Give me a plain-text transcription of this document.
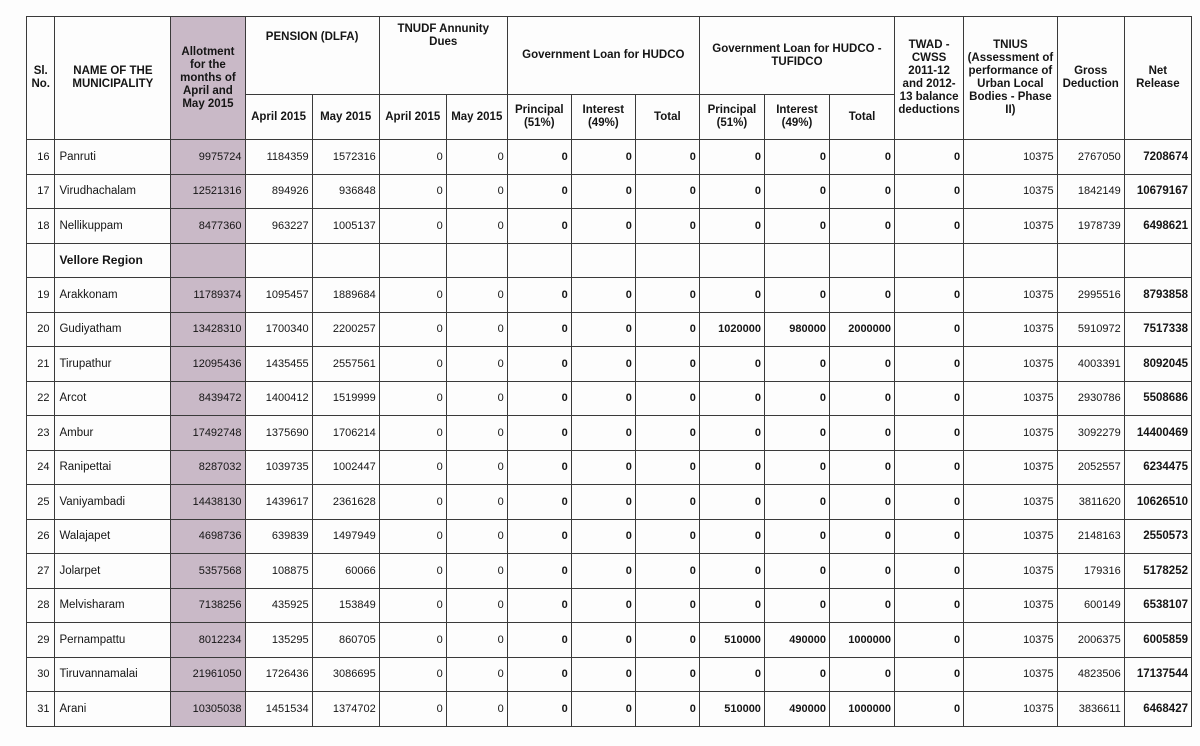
Sl. No.	NAME OF THE MUNICIPALITY	Allotment for the months of April and May 2015	PENSION (DLFA)		TNUDF Annunity Dues		Government Loan for HUDCO			Government Loan for HUDCO - TUFIDCO			TWAD - CWSS 2011-12 and 2012-13 balance deductions	TNIUS (Assessment of performance of Urban Local Bodies - Phase II)	Gross Deduction	Net Release
			April 2015	May 2015	April 2015	May 2015	Principal (51%)	Interest (49%)	Total	Principal (51%)	Interest (49%)	Total				
16	Panruti	9975724	1184359	1572316	0	0	0	0	0	0	0	0	0	10375	2767050	7208674
17	Virudhachalam	12521316	894926	936848	0	0	0	0	0	0	0	0	0	10375	1842149	10679167
18	Nellikuppam	8477360	963227	1005137	0	0	0	0	0	0	0	0	0	10375	1978739	6498621
	Vellore Region															
19	Arakkonam	11789374	1095457	1889684	0	0	0	0	0	0	0	0	0	10375	2995516	8793858
20	Gudiyatham	13428310	1700340	2200257	0	0	0	0	0	1020000	980000	2000000	0	10375	5910972	7517338
21	Tirupathur	12095436	1435455	2557561	0	0	0	0	0	0	0	0	0	10375	4003391	8092045
22	Arcot	8439472	1400412	1519999	0	0	0	0	0	0	0	0	0	10375	2930786	5508686
23	Ambur	17492748	1375690	1706214	0	0	0	0	0	0	0	0	0	10375	3092279	14400469
24	Ranipettai	8287032	1039735	1002447	0	0	0	0	0	0	0	0	0	10375	2052557	6234475
25	Vaniyambadi	14438130	1439617	2361628	0	0	0	0	0	0	0	0	0	10375	3811620	10626510
26	Walajapet	4698736	639839	1497949	0	0	0	0	0	0	0	0	0	10375	2148163	2550573
27	Jolarpet	5357568	108875	60066	0	0	0	0	0	0	0	0	0	10375	179316	5178252
28	Melvisharam	7138256	435925	153849	0	0	0	0	0	0	0	0	0	10375	600149	6538107
29	Pernampattu	8012234	135295	860705	0	0	0	0	0	510000	490000	1000000	0	10375	2006375	6005859
30	Tiruvannamalai	21961050	1726436	3086695	0	0	0	0	0	0	0	0	0	10375	4823506	17137544
31	Arani	10305038	1451534	1374702	0	0	0	0	0	510000	490000	1000000	0	10375	3836611	6468427
